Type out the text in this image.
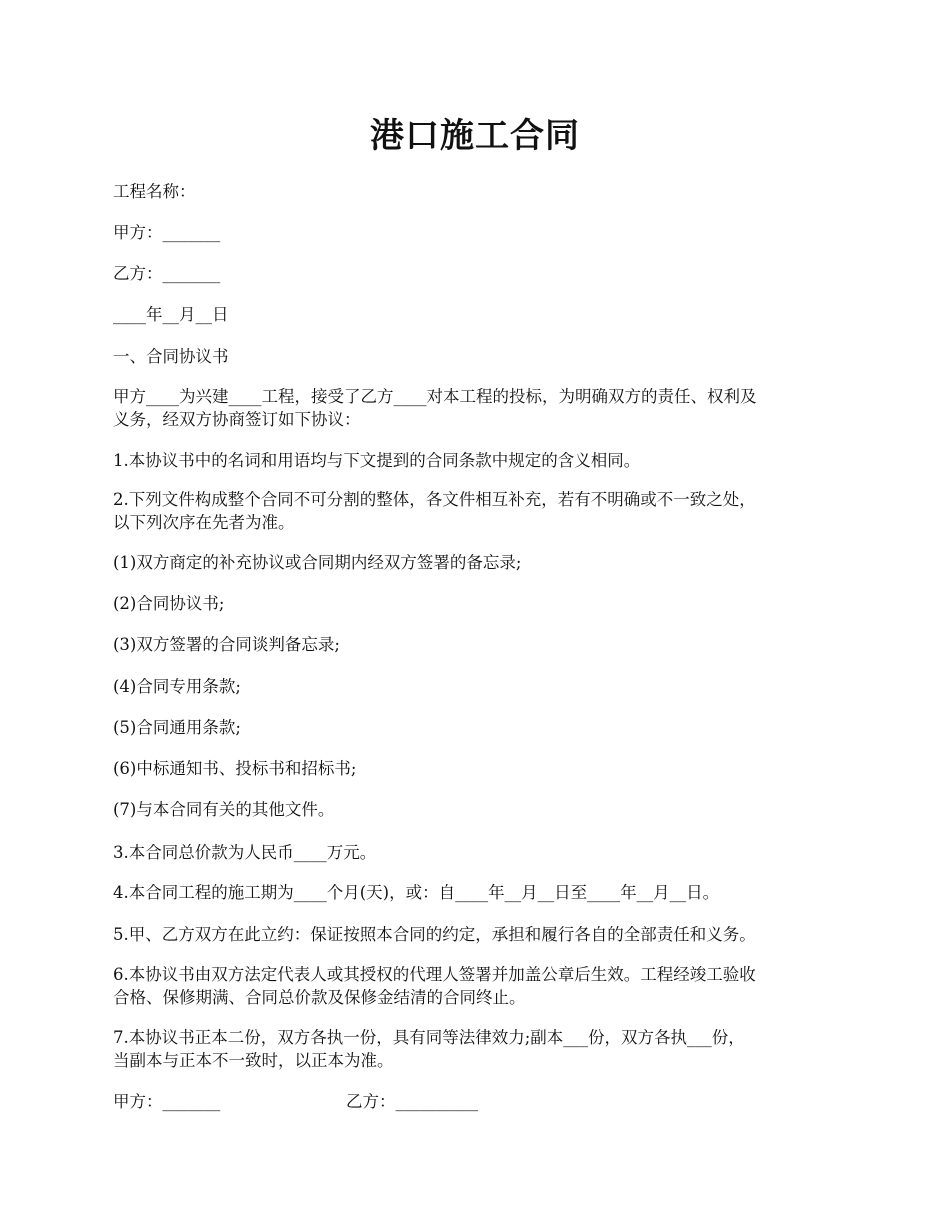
港口施工合同
工程名称：
甲方：_______
乙方：_______
____年__月__日
一、合同协议书
甲方____为兴建____工程，接受了乙方____对本工程的投标，为明确双方的责任、权利及
义务，经双方协商签订如下协议：
1.本协议书中的名词和用语均与下文提到的合同条款中规定的含义相同。
2.下列文件构成整个合同不可分割的整体，各文件相互补充，若有不明确或不一致之处，
以下列次序在先者为准。
(1)双方商定的补充协议或合同期内经双方签署的备忘录;
(2)合同协议书;
(3)双方签署的合同谈判备忘录;
(4)合同专用条款;
(5)合同通用条款;
(6)中标通知书、投标书和招标书;
(7)与本合同有关的其他文件。
3.本合同总价款为人民币____万元。
4.本合同工程的施工期为____个月(天)，或：自____年__月__日至____年__月__日。
5.甲、乙方双方在此立约：保证按照本合同的约定，承担和履行各自的全部责任和义务。
6.本协议书由双方法定代表人或其授权的代理人签署并加盖公章后生效。工程经竣工验收
合格、保修期满、合同总价款及保修金结清的合同终止。
7.本协议书正本二份，双方各执一份，具有同等法律效力;副本___份，双方各执___份，
当副本与正本不一致时，以正本为准。

甲方：_______

	乙方：__________
